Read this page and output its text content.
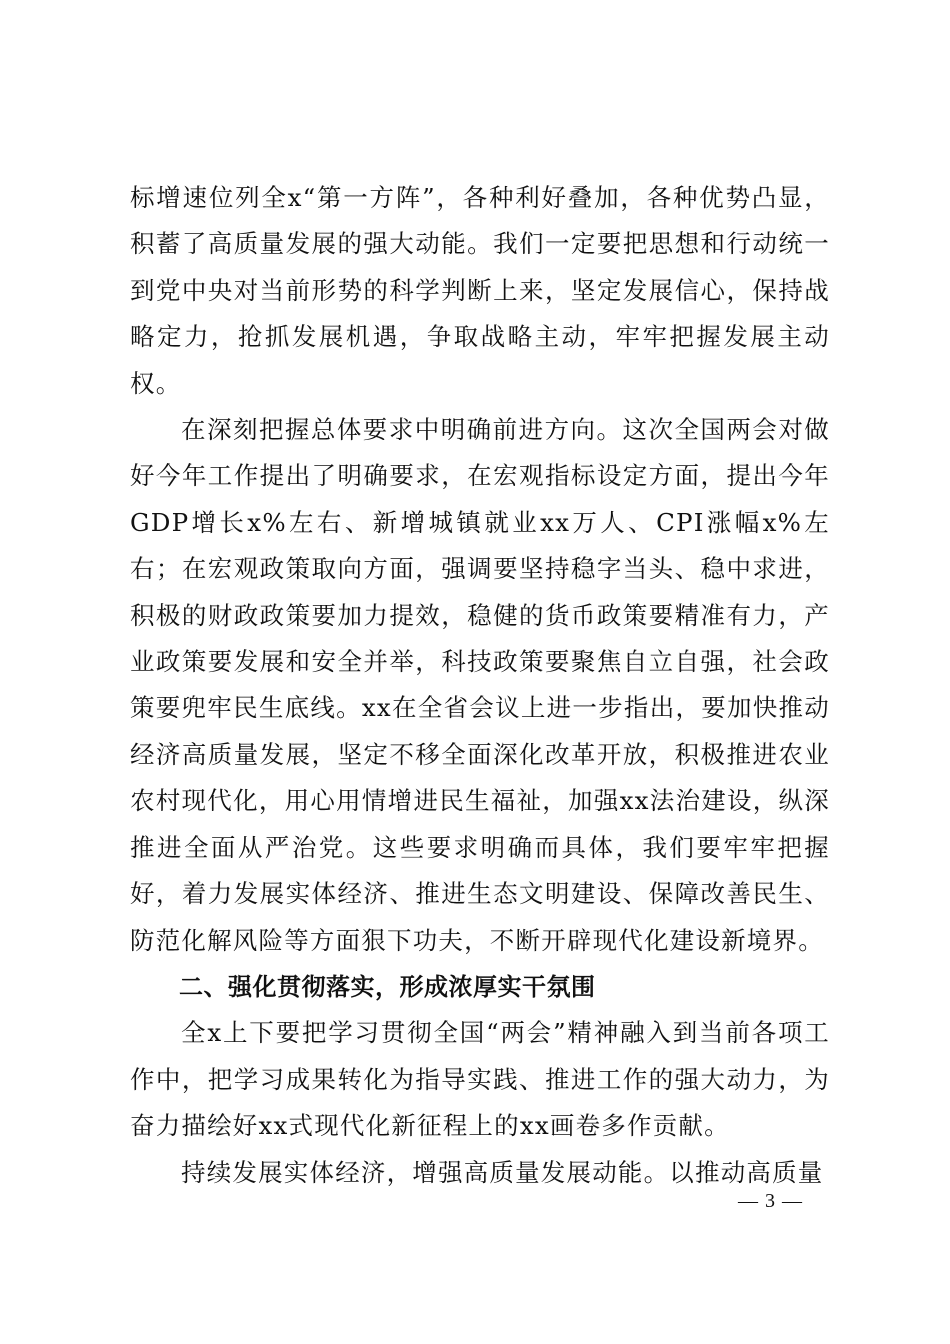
标增速位列全x“第一方阵”，各种利好叠加，各种优势凸显，积蓄了高质量发展的强大动能。我们一定要把思想和行动统一到党中央对当前形势的科学判断上来，坚定发展信心，保持战略定力，抢抓发展机遇，争取战略主动，牢牢把握发展主动权。

在深刻把握总体要求中明确前进方向。这次全国两会对做好今年工作提出了明确要求，在宏观指标设定方面，提出今年GDP增长x%左右、新增城镇就业xx万人、CPI涨幅x%左右；在宏观政策取向方面，强调要坚持稳字当头、稳中求进，积极的财政政策要加力提效，稳健的货币政策要精准有力，产业政策要发展和安全并举，科技政策要聚焦自立自强，社会政策要兜牢民生底线。xx在全省会议上进一步指出，要加快推动经济高质量发展，坚定不移全面深化改革开放，积极推进农业农村现代化，用心用情增进民生福祉，加强xx法治建设，纵深推进全面从严治党。这些要求明确而具体，我们要牢牢把握好，着力发展实体经济、推进生态文明建设、保障改善民生、防范化解风险等方面狠下功夫，不断开辟现代化建设新境界。

二、强化贯彻落实，形成浓厚实干氛围

全x上下要把学习贯彻全国“两会”精神融入到当前各项工作中，把学习成果转化为指导实践、推进工作的强大动力，为奋力描绘好xx式现代化新征程上的xx画卷多作贡献。

持续发展实体经济，增强高质量发展动能。以推动高质量

— 3 —
